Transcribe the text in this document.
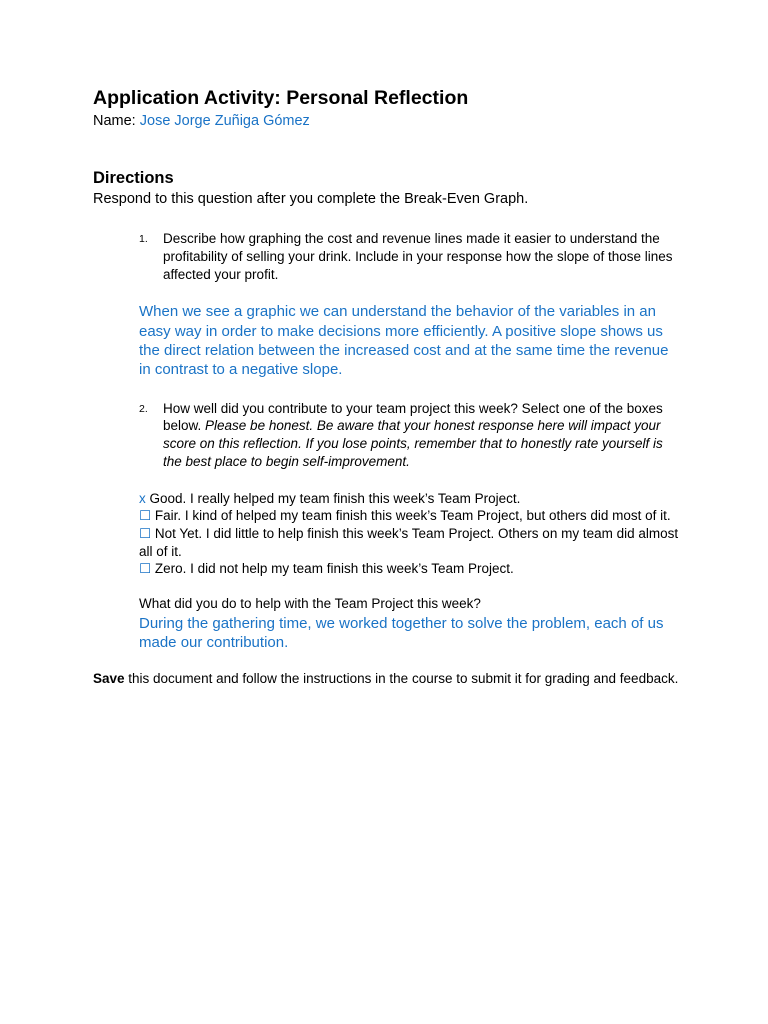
Application Activity: Personal Reflection

Name: Jose Jorge Zuñiga Gómez

Directions

Respond to this question after you complete the Break-Even Graph.

1. Describe how graphing the cost and revenue lines made it easier to understand the profitability of selling your drink. Include in your response how the slope of those lines affected your profit.
When we see a graphic we can understand the behavior of the variables in an easy way in order to make decisions more efficiently. A positive slope shows us the direct relation between the increased cost and at the same time the revenue in contrast to a negative slope.
2. How well did you contribute to your team project this week? Select one of the boxes below. Please be honest. Be aware that your honest response here will impact your score on this reflection. If you lose points, remember that to honestly rate yourself is the best place to begin self-improvement.
x Good. I really helped my team finish this week’s Team Project.
☐ Fair. I kind of helped my team finish this week’s Team Project, but others did most of it.
☐ Not Yet. I did little to help finish this week’s Team Project. Others on my team did almost all of it.
☐ Zero. I did not help my team finish this week’s Team Project.
What did you do to help with the Team Project this week?
During the gathering time, we worked together to solve the problem, each of us made our contribution.
Save this document and follow the instructions in the course to submit it for grading and feedback.
